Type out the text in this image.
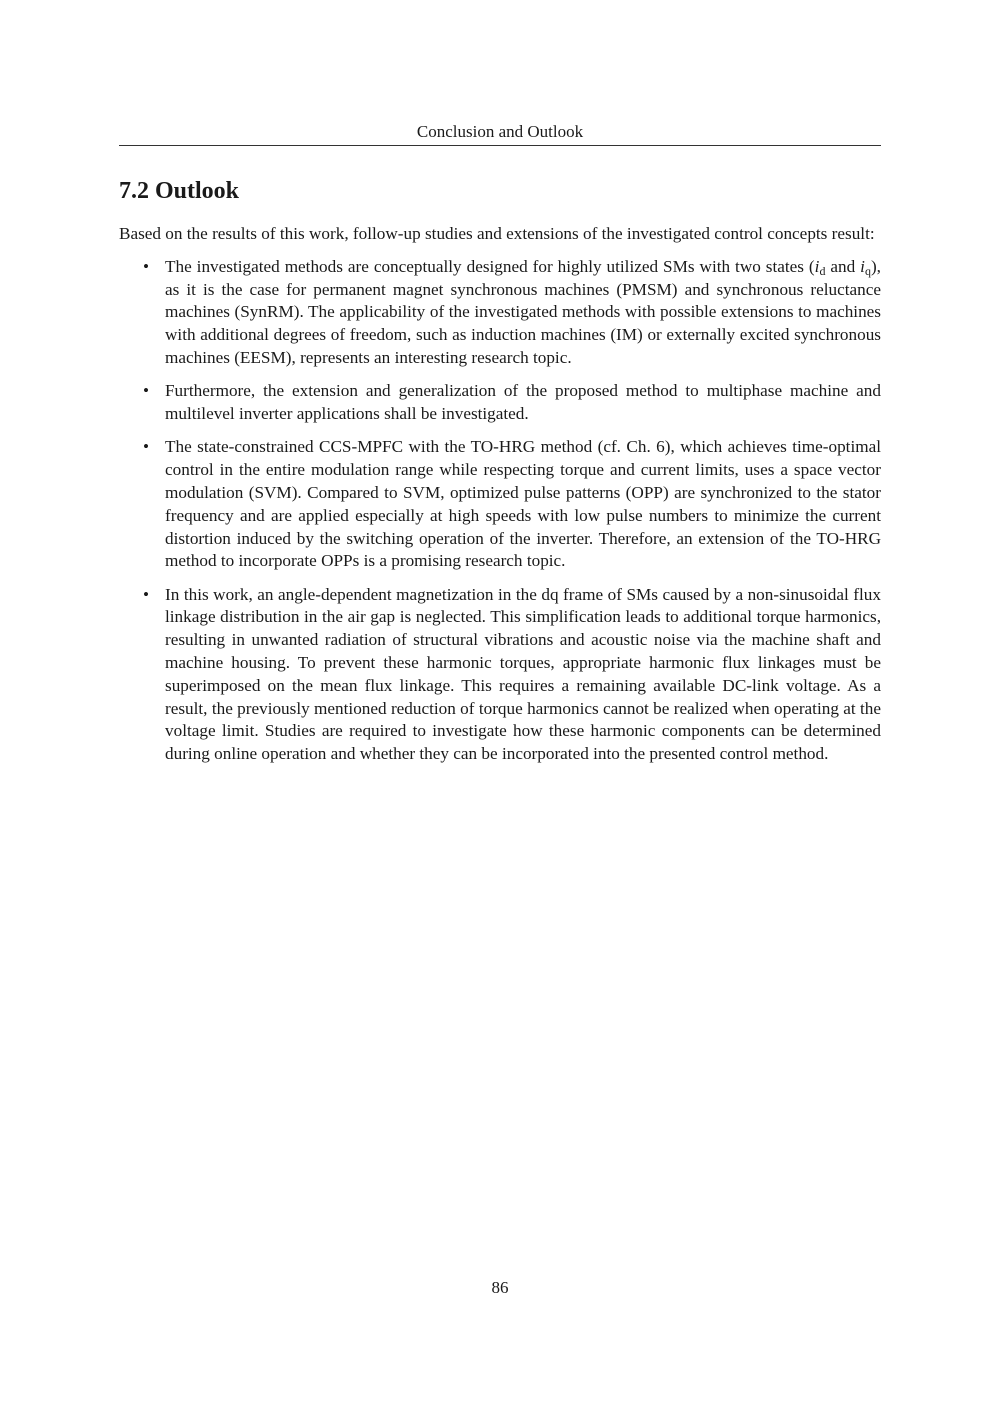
Conclusion and Outlook
7.2 Outlook

Based on the results of this work, follow-up studies and extensions of the investigated control concepts result:

• The investigated methods are conceptually designed for highly utilized SMs with two states ($i_d$ and $i_q$), as it is the case for permanent magnet synchronous machines (PMSM) and synchronous reluctance machines (SynRM). The applicability of the investigated methods with possible extensions to machines with additional degrees of freedom, such as induction machines (IM) or externally excited synchronous machines (EESM), represents an interesting research topic.
• Furthermore, the extension and generalization of the proposed method to multiphase machine and multilevel inverter applications shall be investigated.
• The state-constrained CCS-MPFC with the TO-HRG method (cf. Ch. 6), which achieves time-optimal control in the entire modulation range while respecting torque and current limits, uses a space vector modulation (SVM). Compared to SVM, optimized pulse patterns (OPP) are synchronized to the stator frequency and are applied especially at high speeds with low pulse numbers to minimize the current distortion induced by the switching operation of the inverter. Therefore, an extension of the TO-HRG method to incorporate OPPs is a promising research topic.
• In this work, an angle-dependent magnetization in the dq frame of SMs caused by a non-sinusoidal flux linkage distribution in the air gap is neglected. This simplification leads to additional torque harmonics, resulting in unwanted radiation of structural vibrations and acoustic noise via the machine shaft and machine housing. To prevent these harmonic torques, appropriate harmonic flux linkages must be superimposed on the mean flux linkage. This requires a remaining available DC-link voltage. As a result, the previously mentioned reduction of torque harmonics cannot be realized when operating at the voltage limit. Studies are required to investigate how these harmonic components can be determined during online operation and whether they can be incorporated into the presented control method.
86
